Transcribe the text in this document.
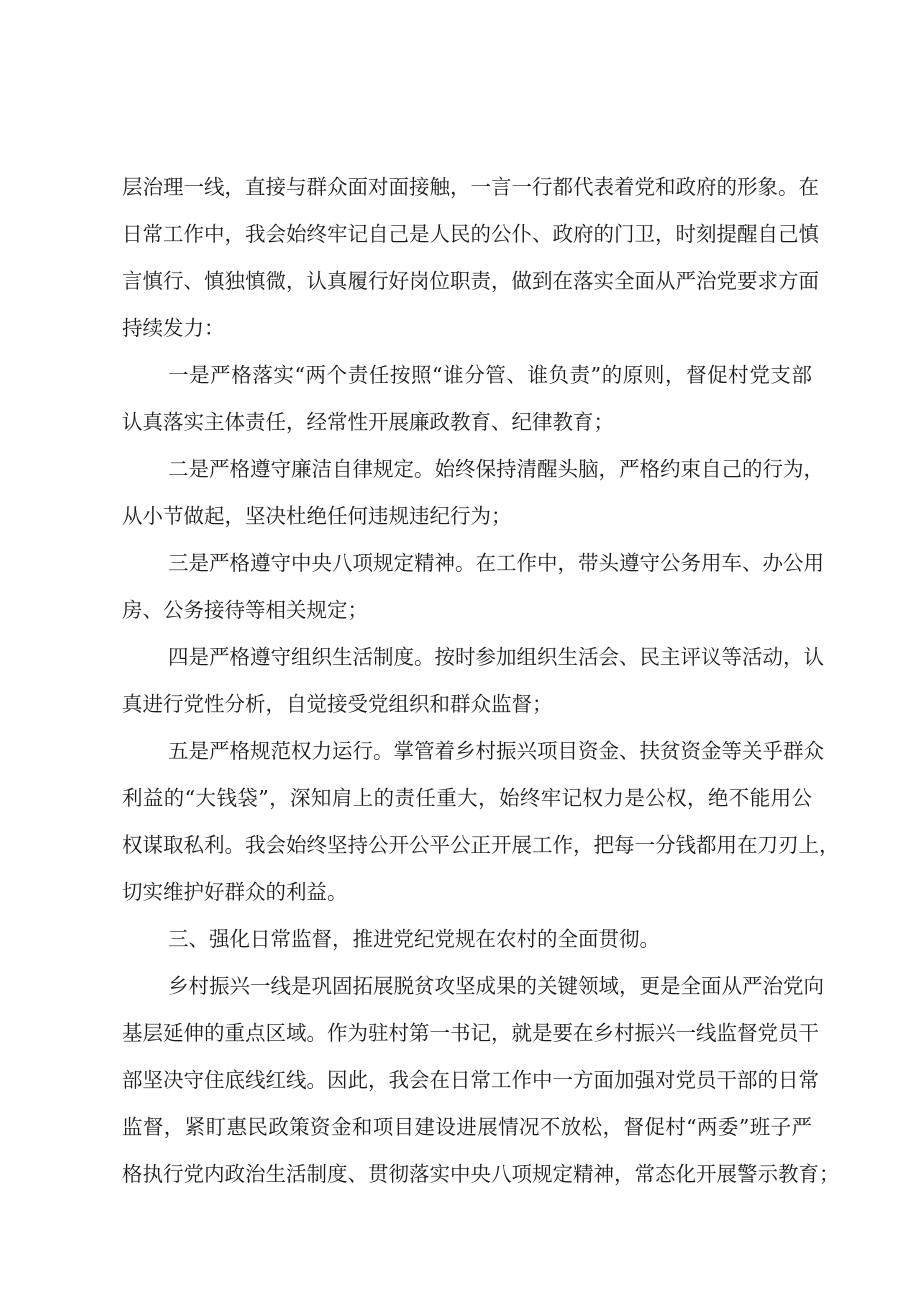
层治理一线，直接与群众面对面接触，一言一行都代表着党和政府的形象。在
日常工作中，我会始终牢记自己是人民的公仆、政府的门卫，时刻提醒自己慎
言慎行、慎独慎微，认真履行好岗位职责，做到在落实全面从严治党要求方面
持续发力：
一是严格落实“两个责任按照“谁分管、谁负责”的原则，督促村党支部
认真落实主体责任，经常性开展廉政教育、纪律教育；
二是严格遵守廉洁自律规定。始终保持清醒头脑，严格约束自己的行为，
从小节做起，坚决杜绝任何违规违纪行为；
三是严格遵守中央八项规定精神。在工作中，带头遵守公务用车、办公用
房、公务接待等相关规定；
四是严格遵守组织生活制度。按时参加组织生活会、民主评议等活动，认
真进行党性分析，自觉接受党组织和群众监督；
五是严格规范权力运行。掌管着乡村振兴项目资金、扶贫资金等关乎群众
利益的“大钱袋”，深知肩上的责任重大，始终牢记权力是公权，绝不能用公
权谋取私利。我会始终坚持公开公平公正开展工作，把每一分钱都用在刀刃上，
切实维护好群众的利益。
三、强化日常监督，推进党纪党规在农村的全面贯彻。
乡村振兴一线是巩固拓展脱贫攻坚成果的关键领域，更是全面从严治党向
基层延伸的重点区域。作为驻村第一书记，就是要在乡村振兴一线监督党员干
部坚决守住底线红线。因此，我会在日常工作中一方面加强对党员干部的日常
监督，紧盯惠民政策资金和项目建设进展情况不放松，督促村“两委”班子严
格执行党内政治生活制度、贯彻落实中央八项规定精神，常态化开展警示教育；
